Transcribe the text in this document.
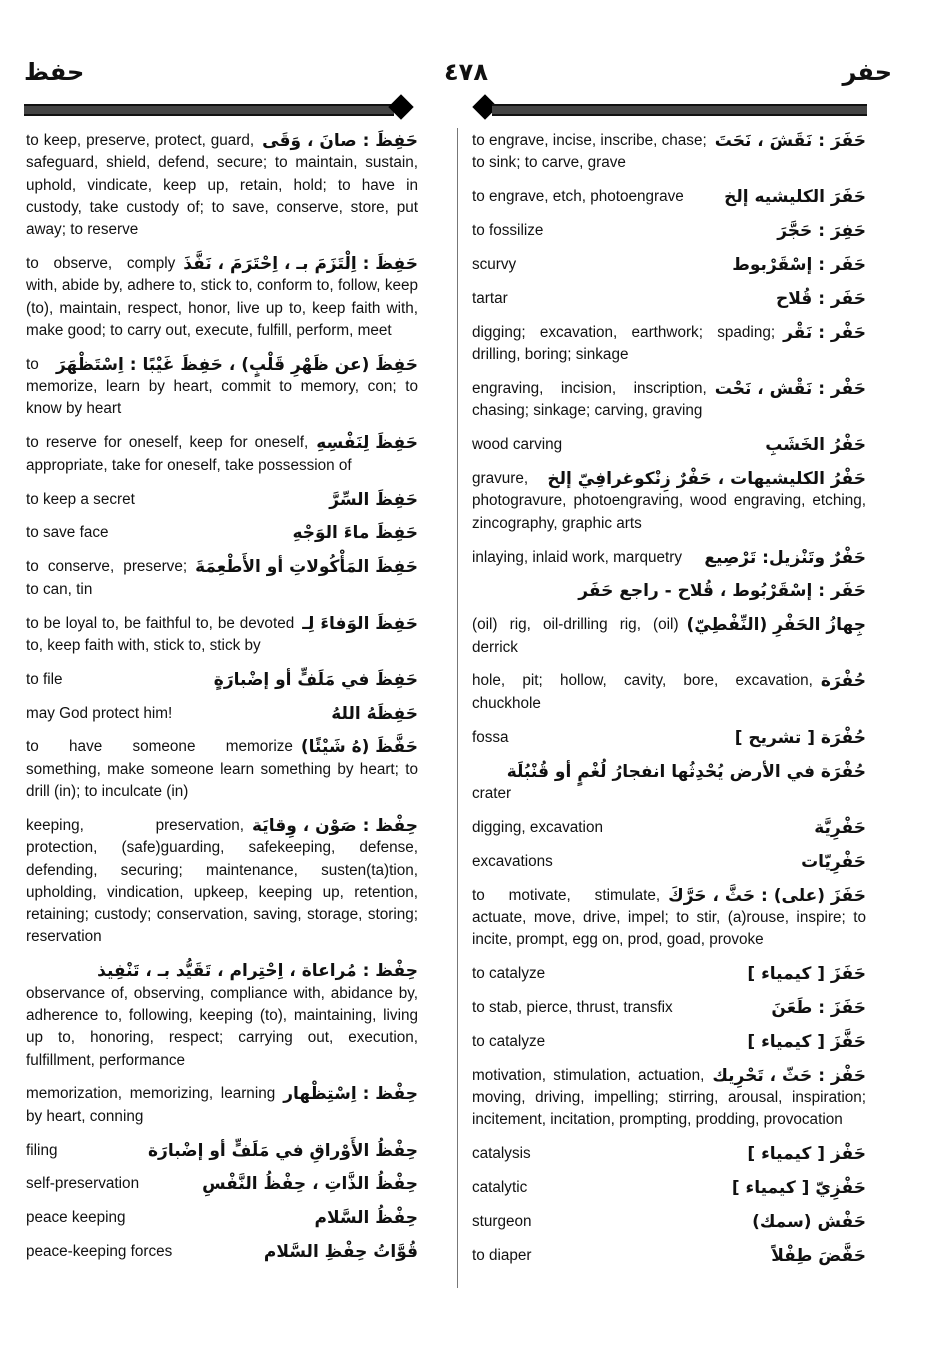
حفظ	٤٧٨	حفر
حَفِظَ : صانَ ، وَقَى
to keep, preserve, protect, guard, safeguard, shield, defend, secure; to maintain, sustain, uphold, vindicate, keep up, retain, hold; to have in custody, take custody of; to save, conserve, store, put away; to reserve
حَفِظَ : اِلْتَزَمَ بـ ، اِحْتَرَمَ ، نَفَّذَ
to observe, comply with, abide by, adhere to, stick to, conform to, follow, keep (to), maintain, respect, honor, live up to, keep faith with, make good; to carry out, execute, fulfill, perform, meet
حَفِظَ (عن ظَهْرِ قَلْبٍ) ، حَفِظَ غَيْبًا : اِسْتَظْهَرَ
to memorize, learn by heart, commit to memory, con; to know by heart
حَفِظَ لِنَفْسِهِ
to reserve for oneself, keep for oneself, appropriate, take for oneself, take possession of
حَفِظَ السِّرَّ
to keep a secret
حَفِظَ ماءَ الوَجْهِ
to save face
حَفِظَ المَأْكُولاتِ أو الأَطْعِمَةَ
to conserve, preserve; to can, tin
حَفِظَ الوَفاءَ لِـ
to be loyal to, be faithful to, be devoted to, keep faith with, stick to, stick by
حَفِظَ في مَلَفٍّ أو إضْبارَةٍ
to file
حَفِظَهُ اللهُ
may God protect him!
حَفَّظَ (هُ شَيْئًا)
to have someone memorize something, make someone learn something by heart; to drill (in); to inculcate (in)
حِفْظ : صَوْن ، وِقايَة
keeping, preservation, protection, (safe)guarding, safekeeping, defense, defending, securing; maintenance, susten(ta)tion, upholding, vindication, upkeep, keeping up, retention, retaining; custody; conservation, saving, storage, storing; reservation
حِفْظ : مُراعاة ، اِحْتِرام ، تَقَيُّد بـ ، تَنْفِيذ
observance of, observing, compliance with, abidance by, adherence to, following, keeping (to), maintaining, living up to, honoring, respect; carrying out, execution, fulfillment, performance
حِفْظ : اِسْتِظْهار
memorization, memorizing, learning by heart, conning
حِفْظُ الأَوْراقِ في مَلَفٍّ أو إضْبارَة
filing
حِفْظُ الذَّاتِ ، حِفْظُ النَّفْسِ
self-preservation
حِفْظُ السَّلام
peace keeping
قُوَّاتُ حِفْظِ السَّلام
peace-keeping forces
حَفَرَ : نَقَشَ ، نَحَتَ
to engrave, incise, inscribe, chase; to sink; to carve, grave
حَفَرَ الكليشيه إلخ
to engrave, etch, photoengrave
حَفِرَ : حَجَّرَ
to fossilize
حَفَر : إسْقَرْبوط
scurvy
حَفَر : قُلاح
tartar
حَفْر : نَقْر
digging; excavation, earthwork; spading; drilling, boring; sinkage
حَفْر : نَقْش ، نَحْت
engraving, incision, inscription, chasing; sinkage; carving, graving
حَفْرُ الخَشَبِ
wood carving
حَفْرُ الكليشيهات ، حَفْرٌ زِنْكوغرافِيّ إلخ
gravure, photogravure, photoengraving, wood engraving, etching, zincography, graphic arts
حَفْرٌ وتَنْزيل: تَرْصِيع
inlaying, inlaid work, marquetry
حَفَر : إسْقَرْبُوط ، قُلاح - راجع حَفَر

جِهازُ الحَفْرِ (النِّفْطِيّ)
(oil) rig, oil-drilling rig, (oil) derrick
حُفْرَة
hole, pit; hollow, cavity, bore, excavation, chuckhole
حُفْرَة [ تشريح ]
fossa
حُفْرَة في الأرض يُحْدِثُها انفجارُ لُغْمٍ أو قُنْبُلَة
crater
حَفْرِيَّة
digging, excavation
حَفْرِيّات
excavations
حَفَزَ (على) : حَثَّ ، حَرَّكَ
to motivate, stimulate, actuate, move, drive, impel; to stir, (a)rouse, inspire; to incite, prompt, egg on, prod, goad, provoke
حَفَزَ [ كيمياء ]
to catalyze
حَفَزَ : طَعَنَ
to stab, pierce, thrust, transfix
حَفَّزَ [ كيمياء ]
to catalyze
حَفْز : حَثّ ، تَحْرِيك
motivation, stimulation, actuation, moving, driving, impelling; stirring, arousal, inspiration; incitement, incitation, prompting, prodding, provocation
حَفْز [ كيمياء ]
catalysis
حَفْزِيّ [ كيمياء ]
catalytic
حَفْش (سمك)
sturgeon
حَفَّضَ طِفْلاً
to diaper
